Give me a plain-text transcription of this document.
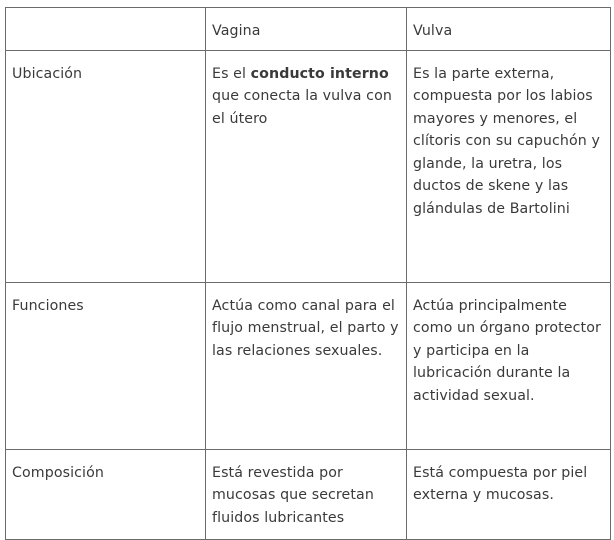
	Vagina	Vulva

Ubicación	Es el conducto interno que conecta la vulva con el útero	Es la parte externa, compuesta por los labios mayores y menores, el clítoris con su capuchón y glande, la uretra, los ductos de skene y las glándulas de Bartolini

Funciones	Actúa como canal para el flujo menstrual, el parto y las relaciones sexuales.	Actúa principalmente como un órgano protector y participa en la lubricación durante la actividad sexual.

Composición	Está revestida por mucosas que secretan fluidos lubricantes	Está compuesta por piel externa y mucosas.
